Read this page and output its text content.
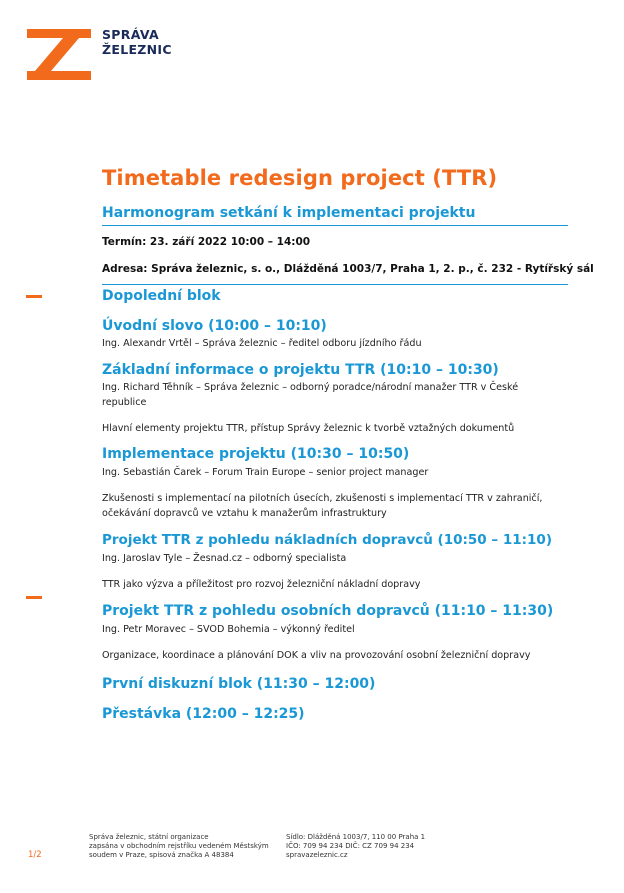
SPRÁVA
ŽELEZNIC
Timetable redesign project (TTR)
Harmonogram setkání k implementaci projektu
Termín: 23. září 2022 10:00 – 14:00
Adresa: Správa železnic, s. o., Dlážděná 1003/7, Praha 1, 2. p., č. 232 - Rytířský sál
Dopolední blok
Úvodní slovo (10:00 – 10:10)
Ing. Alexandr Vrtěl – Správa železnic – ředitel odboru jízdního řádu
Základní informace o projektu TTR (10:10 – 10:30)
Ing. Richard Těhník – Správa železnic – odborný poradce/národní manažer TTR v České republice
Hlavní elementy projektu TTR, přístup Správy železnic k tvorbě vztažných dokumentů
Implementace projektu (10:30 – 10:50)
Ing. Sebastián Čarek – Forum Train Europe – senior project manager
Zkušenosti s implementací na pilotních úsecích, zkušenosti s implementací TTR v zahraničí, očekávání dopravců ve vztahu k manažerům infrastruktury
Projekt TTR z pohledu nákladních dopravců (10:50 – 11:10)
Ing. Jaroslav Tyle – Žesnad.cz – odborný specialista
TTR jako výzva a příležitost pro rozvoj železniční nákladní dopravy
Projekt TTR z pohledu osobních dopravců (11:10 – 11:30)
Ing. Petr Moravec – SVOD Bohemia – výkonný ředitel
Organizace, koordinace a plánování DOK a vliv na provozování osobní železniční dopravy
První diskuzní blok (11:30 – 12:00)
Přestávka (12:00 – 12:25)
Správa železnic, státní organizace
zapsána v obchodním rejstříku vedeném Městským
soudem v Praze, spisová značka A 48384
Sídlo: Dlážděná 1003/7, 110 00 Praha 1
IČO: 709 94 234 DIČ: CZ 709 94 234
spravazeleznic.cz
1/2
